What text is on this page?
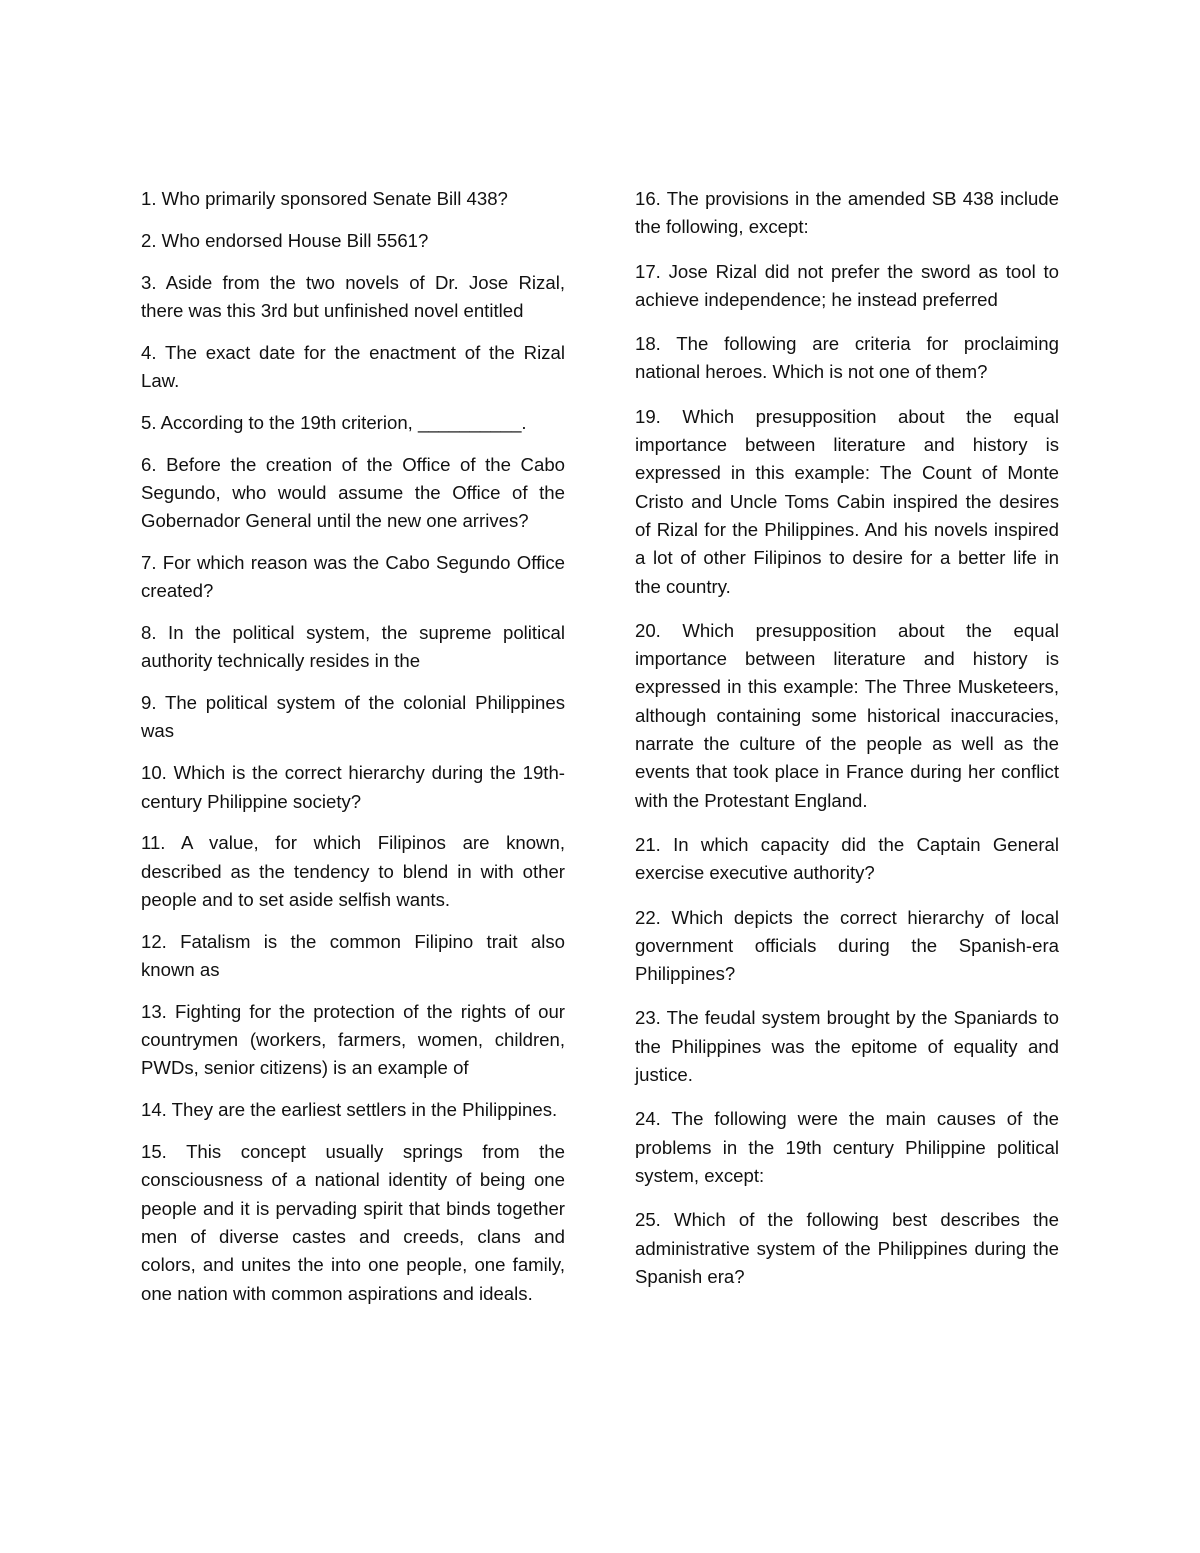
1. Who primarily sponsored Senate Bill 438?

2. Who endorsed House Bill 5561?

3. Aside from the two novels of Dr. Jose Rizal, there was this 3rd but unfinished novel entitled

4. The exact date for the enactment of the Rizal Law.

5. According to the 19th criterion, __________.

6. Before the creation of the Office of the Cabo Segundo, who would assume the Office of the Gobernador General until the new one arrives?

7. For which reason was the Cabo Segundo Office created?

8. In the political system, the supreme political authority technically resides in the

9. The political system of the colonial Philippines was

10. Which is the correct hierarchy during the 19th-century Philippine society?

11. A value, for which Filipinos are known, described as the tendency to blend in with other people and to set aside selfish wants.

12. Fatalism is the common Filipino trait also known as

13. Fighting for the protection of the rights of our countrymen (workers, farmers, women, children, PWDs, senior citizens) is an example of

14. They are the earliest settlers in the Philippines.

15. This concept usually springs from the consciousness of a national identity of being one people and it is pervading spirit that binds together men of diverse castes and creeds, clans and colors, and unites the into one people, one family, one nation with common aspirations and ideals.

16. The provisions in the amended SB 438 include the following, except:

17. Jose Rizal did not prefer the sword as tool to achieve independence; he instead preferred

18. The following are criteria for proclaiming national heroes. Which is not one of them?

19. Which presupposition about the equal importance between literature and history is expressed in this example: The Count of Monte Cristo and Uncle Toms Cabin inspired the desires of Rizal for the Philippines. And his novels inspired a lot of other Filipinos to desire for a better life in the country.

20. Which presupposition about the equal importance between literature and history is expressed in this example: The Three Musketeers, although containing some historical inaccuracies, narrate the culture of the people as well as the events that took place in France during her conflict with the Protestant England.

21. In which capacity did the Captain General exercise executive authority?

22. Which depicts the correct hierarchy of local government officials during the Spanish-era Philippines?

23. The feudal system brought by the Spaniards to the Philippines was the epitome of equality and justice.

24. The following were the main causes of the problems in the 19th century Philippine political system, except:

25. Which of the following best describes the administrative system of the Philippines during the Spanish era?
